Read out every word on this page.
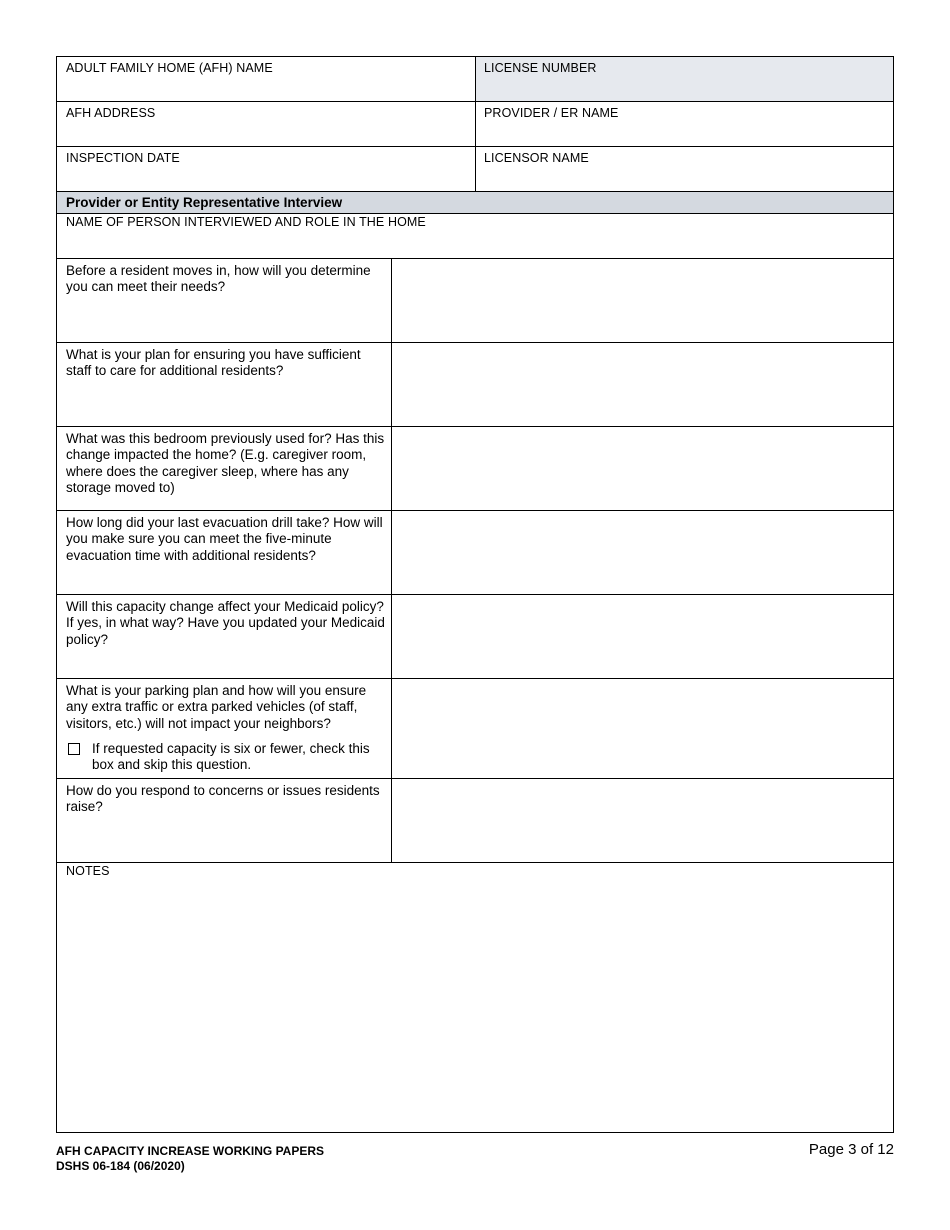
ADULT FAMILY HOME (AFH) NAME	LICENSE NUMBER
AFH ADDRESS	PROVIDER / ER NAME
INSPECTION DATE	LICENSOR NAME
Provider or Entity Representative Interview
NAME OF PERSON INTERVIEWED AND ROLE IN THE HOME
Before a resident moves in, how will you determine you can meet their needs?
What is your plan for ensuring you have sufficient staff to care for additional residents?
What was this bedroom previously used for? Has this change impacted the home? (E.g. caregiver room, where does the caregiver sleep, where has any storage moved to)
How long did your last evacuation drill take? How will you make sure you can meet the five-minute evacuation time with additional residents?
Will this capacity change affect your Medicaid policy? If yes, in what way? Have you updated your Medicaid policy?
What is your parking plan and how will you ensure any extra traffic or extra parked vehicles (of staff, visitors, etc.) will not impact your neighbors?
If requested capacity is six or fewer, check this box and skip this question.
How do you respond to concerns or issues residents raise?
NOTES
AFH CAPACITY INCREASE WORKING PAPERS
DSHS 06-184 (06/2020)
Page 3 of 12
